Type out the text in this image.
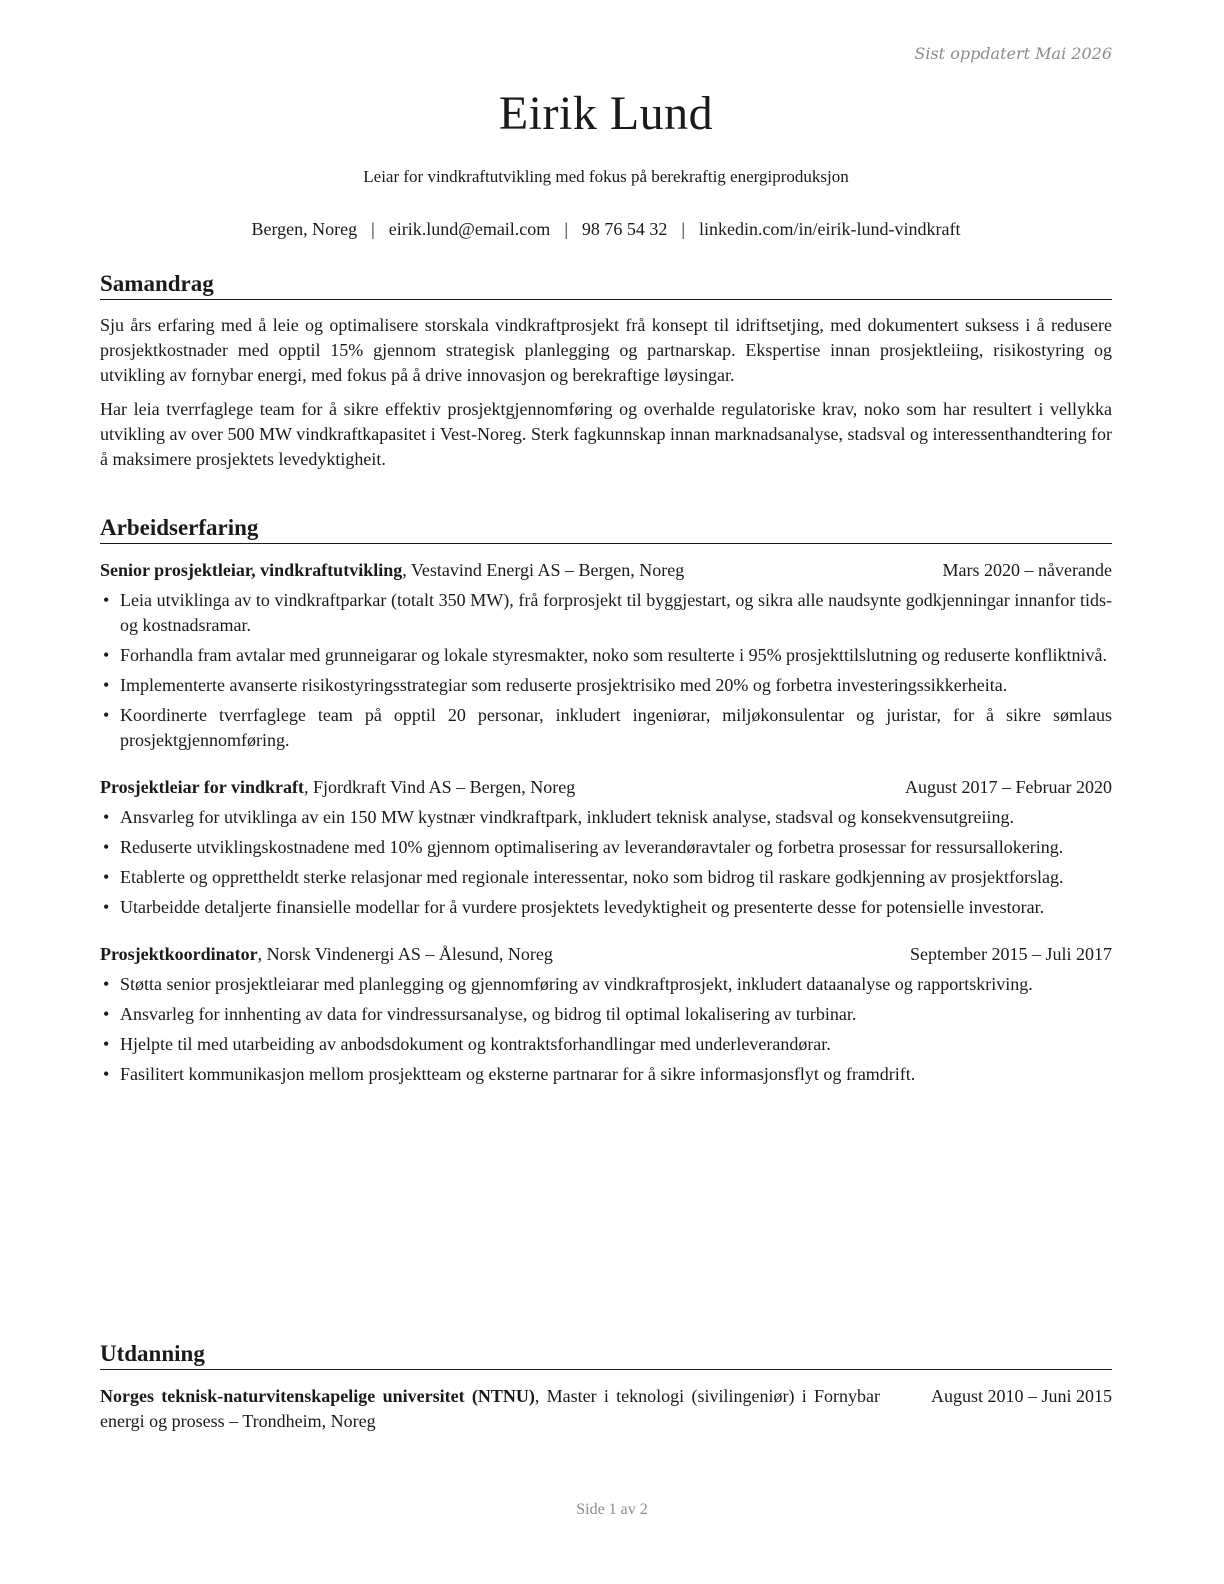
Sist oppdatert Mai 2026
Eirik Lund
Leiar for vindkraftutvikling med fokus på berekraftig energiproduksjon
Bergen, Noreg | eirik.lund@email.com | 98 76 54 32 | linkedin.com/in/eirik-lund-vindkraft
Samandrag

Sju års erfaring med å leie og optimalisere storskala vindkraftprosjekt frå konsept til idriftsetjing, med dokumentert suksess i å redusere prosjektkostnader med opptil 15% gjennom strategisk planlegging og partnarskap. Ekspertise innan prosjektleiing, risikostyring og utvikling av fornybar energi, med fokus på å drive innovasjon og berekraftige løysingar.

Har leia tverrfaglege team for å sikre effektiv prosjektgjennomføring og overhalde regulatoriske krav, noko som har resultert i vellykka utvikling av over 500 MW vindkraftkapasitet i Vest-Noreg. Sterk fagkunnskap innan marknadsanalyse, stadsval og interessenthandtering for å maksimere prosjektets levedyktigheit.

Arbeidserfaring
Senior prosjektleiar, vindkraftutvikling, Vestavind Energi AS – Bergen, Noreg	Mars 2020 – nåverande
• Leia utviklinga av to vindkraftparkar (totalt 350 MW), frå forprosjekt til byggjestart, og sikra alle naudsynte godkjenningar innanfor tids- og kostnadsramar.
• Forhandla fram avtalar med grunneigarar og lokale styresmakter, noko som resulterte i 95% prosjekttilslutning og reduserte konfliktnivå.
• Implementerte avanserte risikostyringsstrategiar som reduserte prosjektrisiko med 20% og forbetra investeringssikkerheita.
• Koordinerte tverrfaglege team på opptil 20 personar, inkludert ingeniørar, miljøkonsulentar og juristar, for å sikre sømlaus prosjektgjennomføring.
Prosjektleiar for vindkraft, Fjordkraft Vind AS – Bergen, Noreg	August 2017 – Februar 2020
• Ansvarleg for utviklinga av ein 150 MW kystnær vindkraftpark, inkludert teknisk analyse, stadsval og konsekvensutgreiing.
• Reduserte utviklingskostnadene med 10% gjennom optimalisering av leverandøravtaler og forbetra prosessar for ressursallokering.
• Etablerte og oppretthеldt sterke relasjonar med regionale interessentar, noko som bidrog til raskare godkjenning av prosjektforslag.
• Utarbeidde detaljerte finansielle modellar for å vurdere prosjektets levedyktigheit og presenterte desse for potensielle investorar.
Prosjektkoordinator, Norsk Vindenergi AS – Ålesund, Noreg	September 2015 – Juli 2017
• Støtta senior prosjektleiarar med planlegging og gjennomføring av vindkraftprosjekt, inkludert dataanalyse og rapportskriving.
• Ansvarleg for innhenting av data for vindressursanalyse, og bidrog til optimal lokalisering av turbinar.
• Hjelpte til med utarbeiding av anbodsdokument og kontraktsforhandlingar med underleverandørar.
• Fasilitert kommunikasjon mellom prosjektteam og eksterne partnarar for å sikre informasjonsflyt og framdrift.
Utdanning
Norges teknisk-naturvitenskapelige universitet (NTNU), Master i teknologi (sivilingeniør) i Fornybar energi og prosess – Trondheim, Noreg
August 2010 – Juni 2015
Side 1 av 2
